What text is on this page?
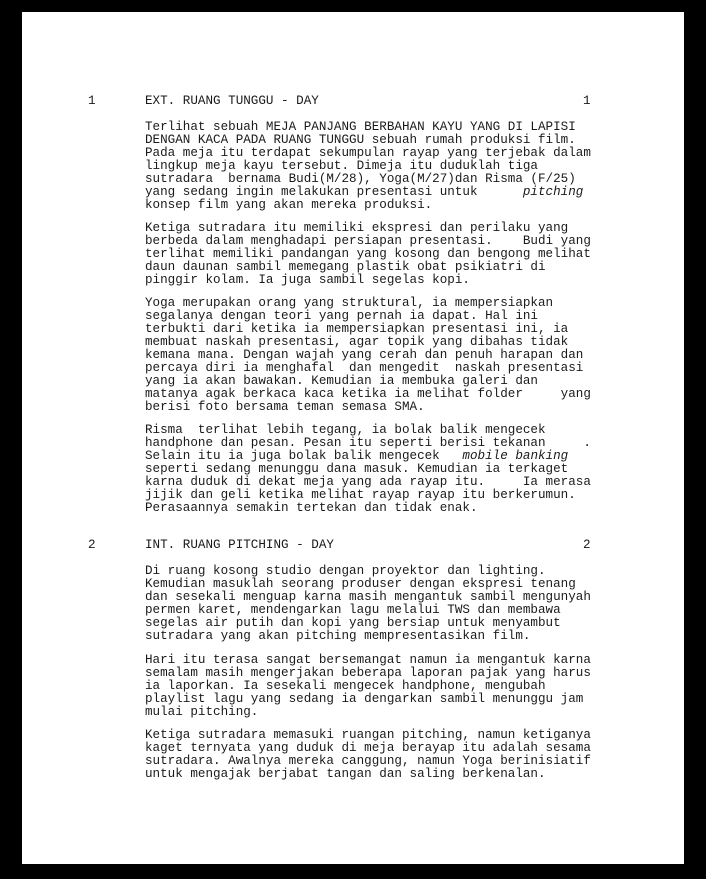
1	EXT. RUANG TUNGGU - DAY	1
Terlihat sebuah MEJA PANJANG BERBAHAN KAYU YANG DI LAPISI
DENGAN KACA PADA RUANG TUNGGU sebuah rumah produksi film.
Pada meja itu terdapat sekumpulan rayap yang terjebak dalam
lingkup meja kayu tersebut. Dimeja itu duduklah tiga
sutradara  bernama Budi(M/28), Yoga(M/27)dan Risma (F/25)
yang sedang ingin melakukan presentasi untuk      pitching
konsep film yang akan mereka produksi.
Ketiga sutradara itu memiliki ekspresi dan perilaku yang
berbeda dalam menghadapi persiapan presentasi.    Budi yang
terlihat memiliki pandangan yang kosong dan bengong melihat
daun daunan sambil memegang plastik obat psikiatri di
pinggir kolam. Ia juga sambil segelas kopi.
Yoga merupakan orang yang struktural, ia mempersiapkan
segalanya dengan teori yang pernah ia dapat. Hal ini
terbukti dari ketika ia mempersiapkan presentasi ini, ia
membuat naskah presentasi, agar topik yang dibahas tidak
kemana mana. Dengan wajah yang cerah dan penuh harapan dan
percaya diri ia menghafal  dan mengedit  naskah presentasi
yang ia akan bawakan. Kemudian ia membuka galeri dan
matanya agak berkaca kaca ketika ia melihat folder     yang
berisi foto bersama teman semasa SMA.
Risma  terlihat lebih tegang, ia bolak balik mengecek
handphone dan pesan. Pesan itu seperti berisi tekanan     .
Selain itu ia juga bolak balik mengecek   mobile banking
seperti sedang menunggu dana masuk. Kemudian ia terkaget
karna duduk di dekat meja yang ada rayap itu.     Ia merasa
jijik dan geli ketika melihat rayap rayap itu berkerumun.
Perasaannya semakin tertekan dan tidak enak.
2	INT. RUANG PITCHING - DAY	2
Di ruang kosong studio dengan proyektor dan lighting.
Kemudian masuklah seorang produser dengan ekspresi tenang
dan sesekali menguap karna masih mengantuk sambil mengunyah
permen karet, mendengarkan lagu melalui TWS dan membawa
segelas air putih dan kopi yang bersiap untuk menyambut
sutradara yang akan pitching mempresentasikan film.
Hari itu terasa sangat bersemangat namun ia mengantuk karna
semalam masih mengerjakan beberapa laporan pajak yang harus
ia laporkan. Ia sesekali mengecek handphone, mengubah
playlist lagu yang sedang ia dengarkan sambil menunggu jam
mulai pitching.
Ketiga sutradara memasuki ruangan pitching, namun ketiganya
kaget ternyata yang duduk di meja berayap itu adalah sesama
sutradara. Awalnya mereka canggung, namun Yoga berinisiatif
untuk mengajak berjabat tangan dan saling berkenalan.
